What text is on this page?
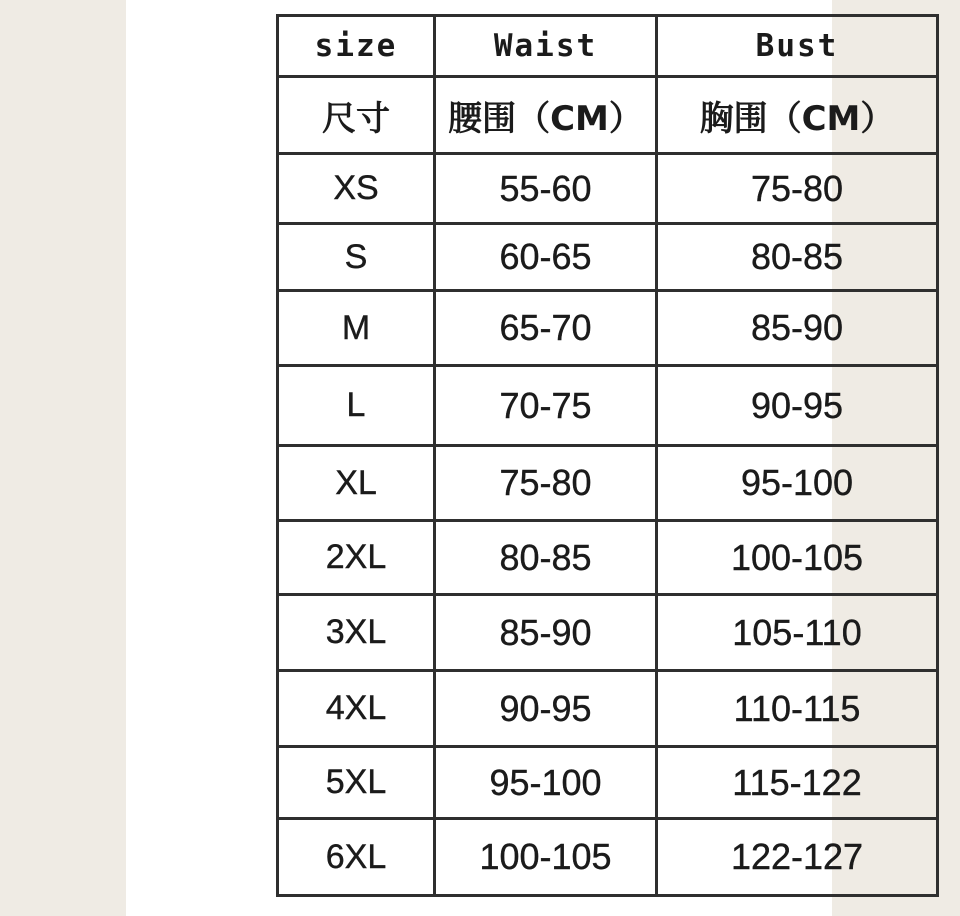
size	Waist	Bust
尺寸	腰围（CM）	胸围（CM）
XS	55-60	75-80
S	60-65	80-85
M	65-70	85-90
L	70-75	90-95
XL	75-80	95-100
2XL	80-85	100-105
3XL	85-90	105-110
4XL	90-95	110-115
5XL	95-100	115-122
6XL	100-105	122-127
